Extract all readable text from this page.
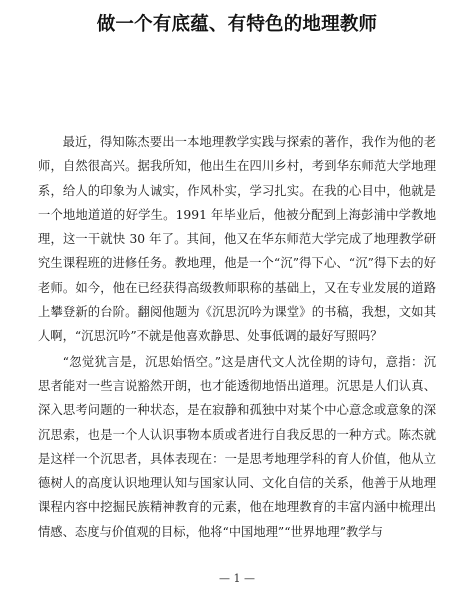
做一个有底蕴、有特色的地理教师

最近，得知陈杰要出一本地理教学实践与探索的著作，我作为他的老师，自然很高兴。据我所知，他出生在四川乡村，考到华东师范大学地理系，给人的印象为人诚实，作风朴实，学习扎实。在我的心目中，他就是一个地地道道的好学生。1991 年毕业后，他被分配到上海彭浦中学教地理，这一干就快 30 年了。其间，他又在华东师范大学完成了地理教学研究生课程班的进修任务。教地理，他是一个“沉”得下心、“沉”得下去的好老师。如今，他在已经获得高级教师职称的基础上，又在专业发展的道路上攀登新的台阶。翻阅他题为《沉思沉吟为课堂》的书稿，我想，文如其人啊，“沉思沉吟”不就是他喜欢静思、处事低调的最好写照吗？

“忽觉犹言是，沉思始悟空。”这是唐代文人沈佺期的诗句，意指：沉思者能对一些言说豁然开朗，也才能透彻地悟出道理。沉思是人们认真、深入思考问题的一种状态，是在寂静和孤独中对某个中心意念或意象的深沉思索，也是一个人认识事物本质或者进行自我反思的一种方式。陈杰就是这样一个沉思者，具体表现在：一是思考地理学科的育人价值，他从立德树人的高度认识地理认知与国家认同、文化自信的关系，他善于从地理课程内容中挖掘民族精神教育的元素，他在地理教育的丰富内涵中梳理出情感、态度与价值观的目标，他将“中国地理”“世界地理”教学与

— 1 —
